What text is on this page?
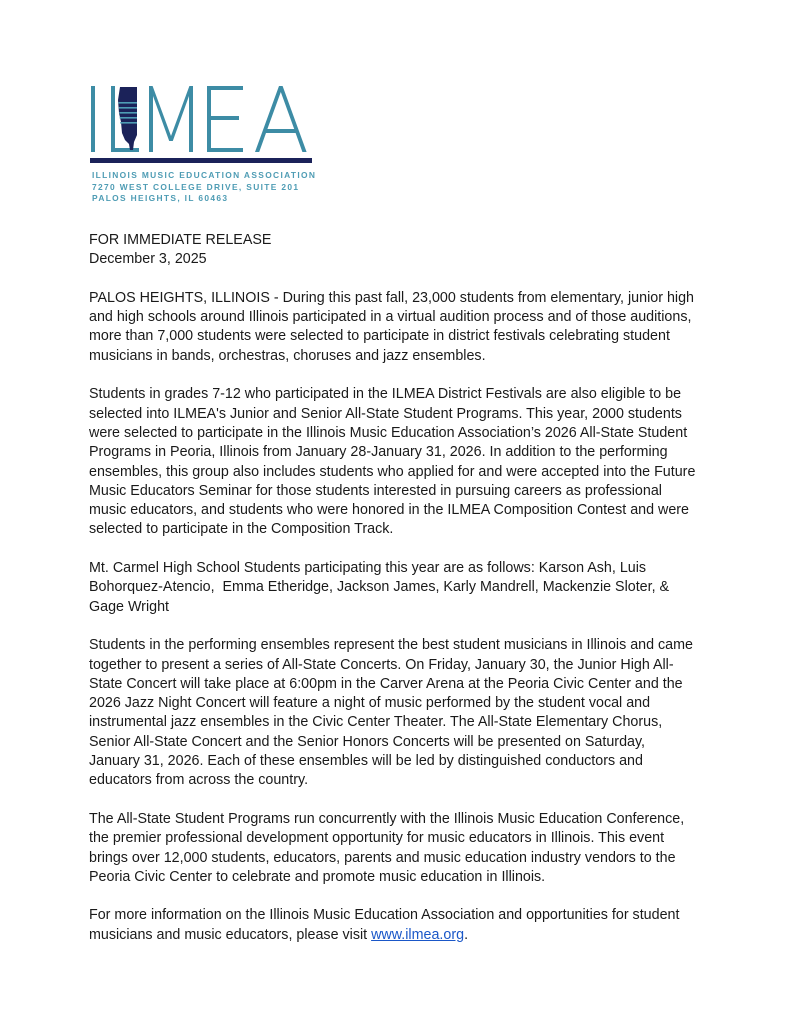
ILLINOIS MUSIC EDUCATION ASSOCIATION
7270 WEST COLLEGE DRIVE, SUITE 201
PALOS HEIGHTS, IL 60463
FOR IMMEDIATE RELEASE
December 3, 2025

PALOS HEIGHTS, ILLINOIS - During this past fall, 23,000 students from elementary, junior high and high schools around Illinois participated in a virtual audition process and of those auditions, more than 7,000 students were selected to participate in district festivals celebrating student musicians in bands, orchestras, choruses and jazz ensembles.

Students in grades 7-12 who participated in the ILMEA District Festivals are also eligible to be selected into ILMEA's Junior and Senior All-State Student Programs. This year, 2000 students were selected to participate in the Illinois Music Education Association’s 2026 All-State Student Programs in Peoria, Illinois from January 28-January 31, 2026. In addition to the performing ensembles, this group also includes students who applied for and were accepted into the Future Music Educators Seminar for those students interested in pursuing careers as professional music educators, and students who were honored in the ILMEA Composition Contest and were selected to participate in the Composition Track.

Mt. Carmel High School Students participating this year are as follows: Karson Ash, Luis Bohorquez-Atencio,  Emma Etheridge, Jackson James, Karly Mandrell, Mackenzie Sloter, & Gage Wright

Students in the performing ensembles represent the best student musicians in Illinois and came together to present a series of All-State Concerts. On Friday, January 30, the Junior High All-State Concert will take place at 6:00pm in the Carver Arena at the Peoria Civic Center and the 2026 Jazz Night Concert will feature a night of music performed by the student vocal and instrumental jazz ensembles in the Civic Center Theater. The All-State Elementary Chorus, Senior All-State Concert and the Senior Honors Concerts will be presented on Saturday, January 31, 2026. Each of these ensembles will be led by distinguished conductors and educators from across the country.

The All-State Student Programs run concurrently with the Illinois Music Education Conference, the premier professional development opportunity for music educators in Illinois. This event brings over 12,000 students, educators, parents and music education industry vendors to the Peoria Civic Center to celebrate and promote music education in Illinois.

For more information on the Illinois Music Education Association and opportunities for student musicians and music educators, please visit www.ilmea.org.
